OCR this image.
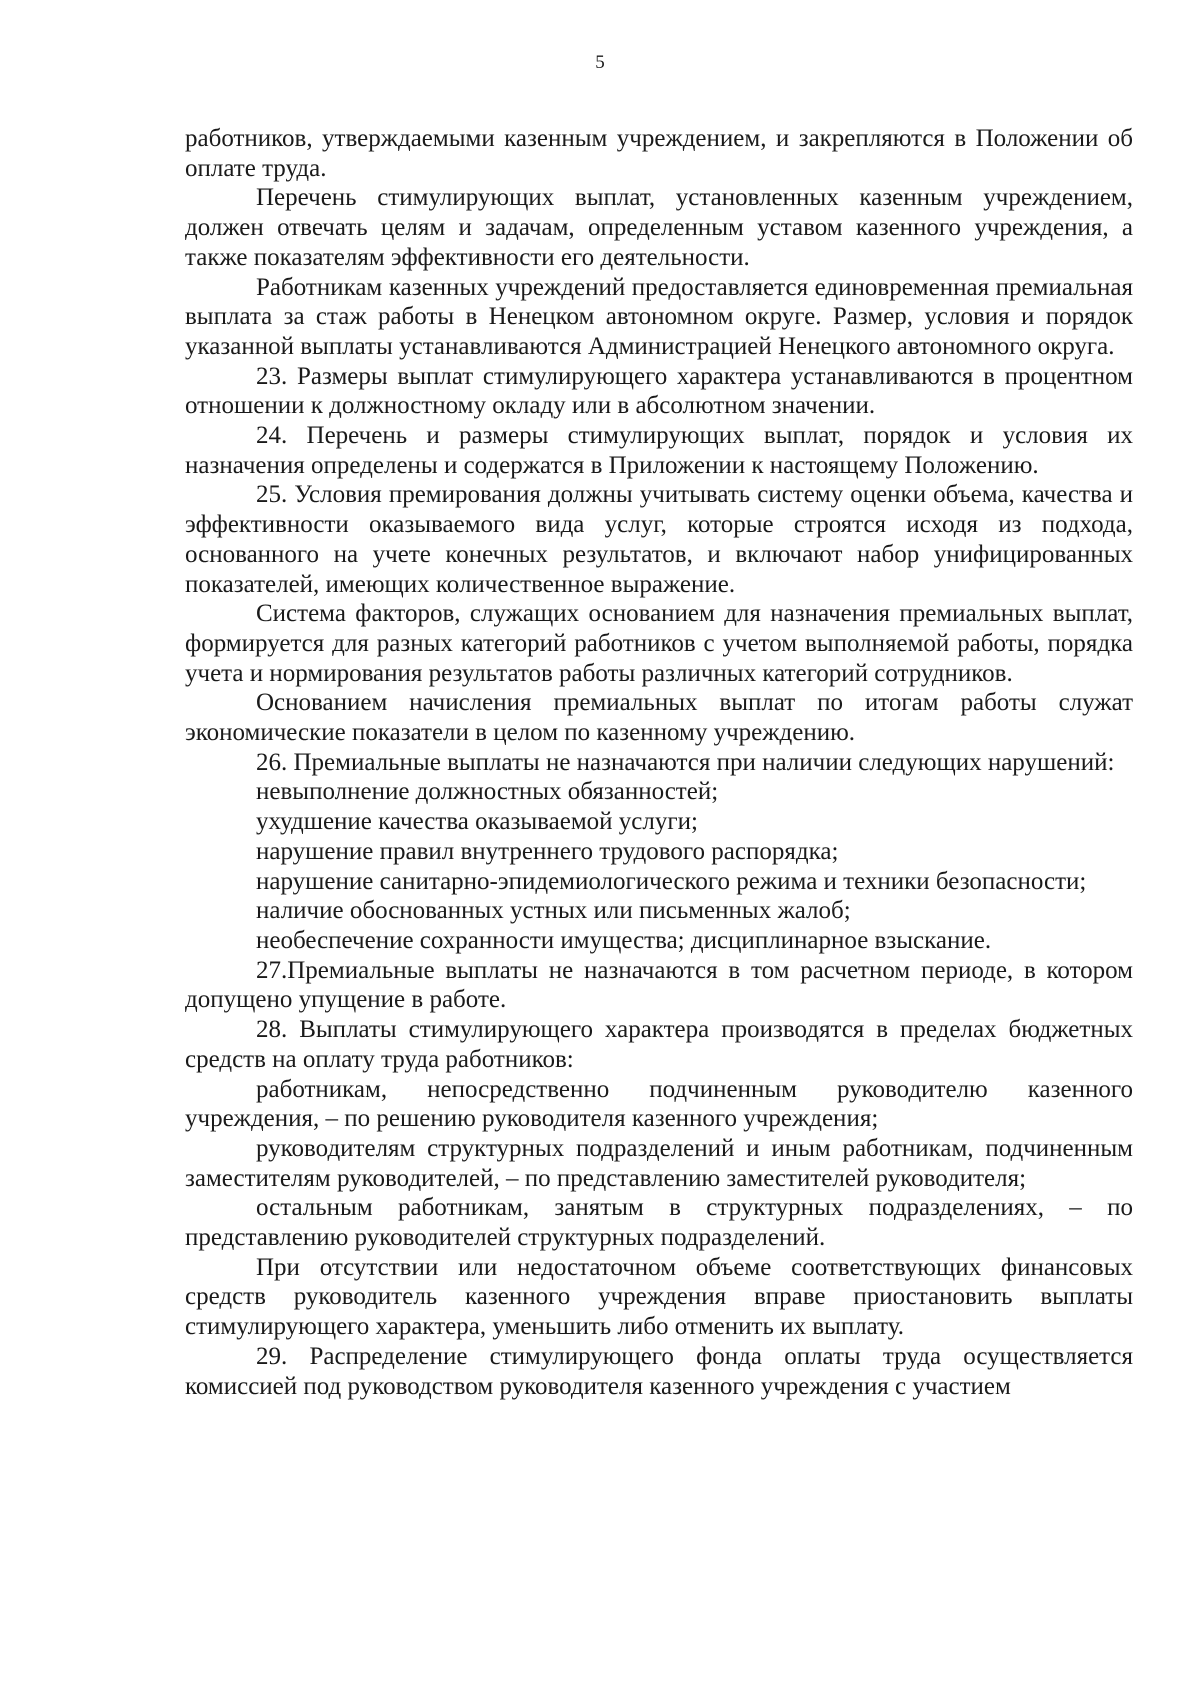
5

работников, утверждаемыми казенным учреждением, и закрепляются в Положении об оплате труда.

Перечень стимулирующих выплат, установленных казенным учреждением, должен отвечать целям и задачам, определенным уставом казенного учреждения, а также показателям эффективности его деятельности.

Работникам казенных учреждений предоставляется единовременная премиальная выплата за стаж работы в Ненецком автономном округе. Размер, условия и порядок указанной выплаты устанавливаются Администрацией Ненецкого автономного округа.

23. Размеры выплат стимулирующего характера устанавливаются в процентном отношении к должностному окладу или в абсолютном значении.

24. Перечень и размеры стимулирующих выплат, порядок и условия их назначения определены и содержатся в Приложении к настоящему Положению.

25. Условия премирования должны учитывать систему оценки объема, качества и эффективности оказываемого вида услуг, которые строятся исходя из подхода, основанного на учете конечных результатов, и включают набор унифицированных показателей, имеющих количественное выражение.

Система факторов, служащих основанием для назначения премиальных выплат, формируется для разных категорий работников с учетом выполняемой работы, порядка учета и нормирования результатов работы различных категорий сотрудников.

Основанием начисления премиальных выплат по итогам работы служат экономические показатели в целом по казенному учреждению.

26. Премиальные выплаты не назначаются при наличии следующих нарушений:

невыполнение должностных обязанностей;

ухудшение качества оказываемой услуги;

нарушение правил внутреннего трудового распорядка;

нарушение санитарно-эпидемиологического режима и техники безопасности;

наличие обоснованных устных или письменных жалоб;

необеспечение сохранности имущества; дисциплинарное взыскание.

27.Премиальные выплаты не назначаются в том расчетном периоде, в котором допущено упущение в работе.

28. Выплаты стимулирующего характера производятся в пределах бюджетных средств на оплату труда работников:

работникам, непосредственно подчиненным руководителю казенного учреждения, – по решению руководителя казенного учреждения;

руководителям структурных подразделений и иным работникам, подчиненным заместителям руководителей, – по представлению заместителей руководителя;

остальным работникам, занятым в структурных подразделениях, – по представлению руководителей структурных подразделений.

При отсутствии или недостаточном объеме соответствующих финансовых средств руководитель казенного учреждения вправе приостановить выплаты стимулирующего характера, уменьшить либо отменить их выплату.

29. Распределение стимулирующего фонда оплаты труда осуществляется комиссией под руководством руководителя казенного учреждения с участием
